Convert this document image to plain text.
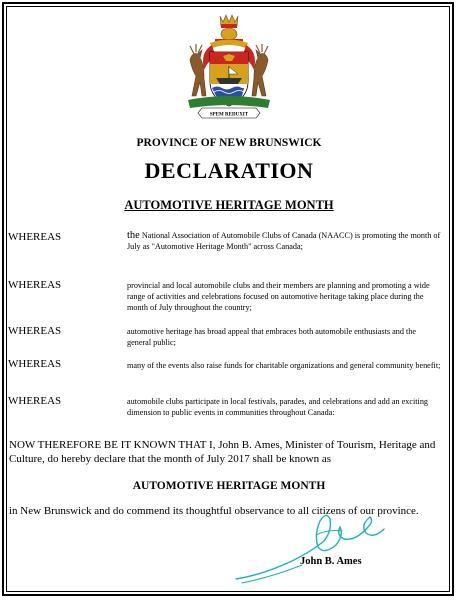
SPEM REDUXIT
PROVINCE OF NEW BRUNSWICK
DECLARATION
AUTOMOTIVE HERITAGE MONTH
WHEREAS	the National Association of Automobile Clubs of Canada (NAACC) is promoting the month of July as "Automotive Heritage Month" across Canada;
WHEREAS	provincial and local automobile clubs and their members are planning and promoting a wide range of activities and celebrations focused on automotive heritage taking place during the month of July throughout the country;
WHEREAS	automotive heritage has broad appeal that embraces both automobile enthusiasts and the general public;
WHEREAS	many of the events also raise funds for charitable organizations and general community benefit;
WHEREAS	automobile clubs participate in local festivals, parades, and celebrations and add an exciting dimension to public events in communities throughout Canada:
NOW THEREFORE BE IT KNOWN THAT I, John B. Ames, Minister of Tourism, Heritage and Culture, do hereby declare that the month of July 2017 shall be known as
AUTOMOTIVE HERITAGE MONTH
in New Brunswick and do commend its thoughtful observance to all citizens of our province.
John B. Ames
